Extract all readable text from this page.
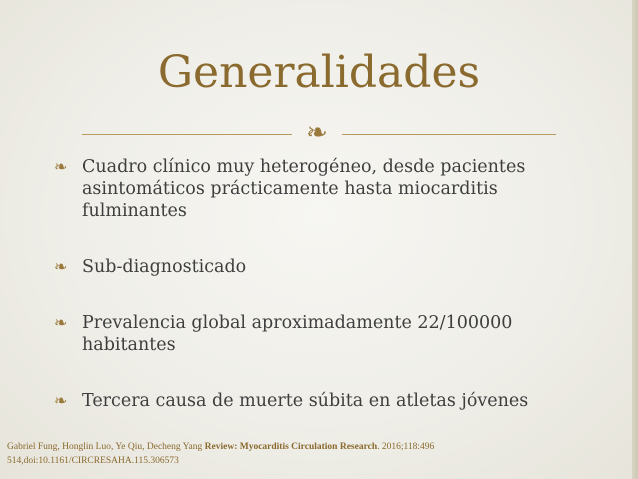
Generalidades
❧
❧ Cuadro clínico muy heterogéneo, desde pacientes
asintomáticos prácticamente hasta miocarditis
fulminantes
❧ Sub-diagnosticado
❧ Prevalencia global aproximadamente 22/100000
habitantes
❧ Tercera causa de muerte súbita en atletas jóvenes
Gabriel Fung, Honglin Luo, Ye Qiu, Decheng Yang Review: Myocarditis Circulation Research. 2016;118:496
514,doi:10.1161/CIRCRESAHA.115.306573
